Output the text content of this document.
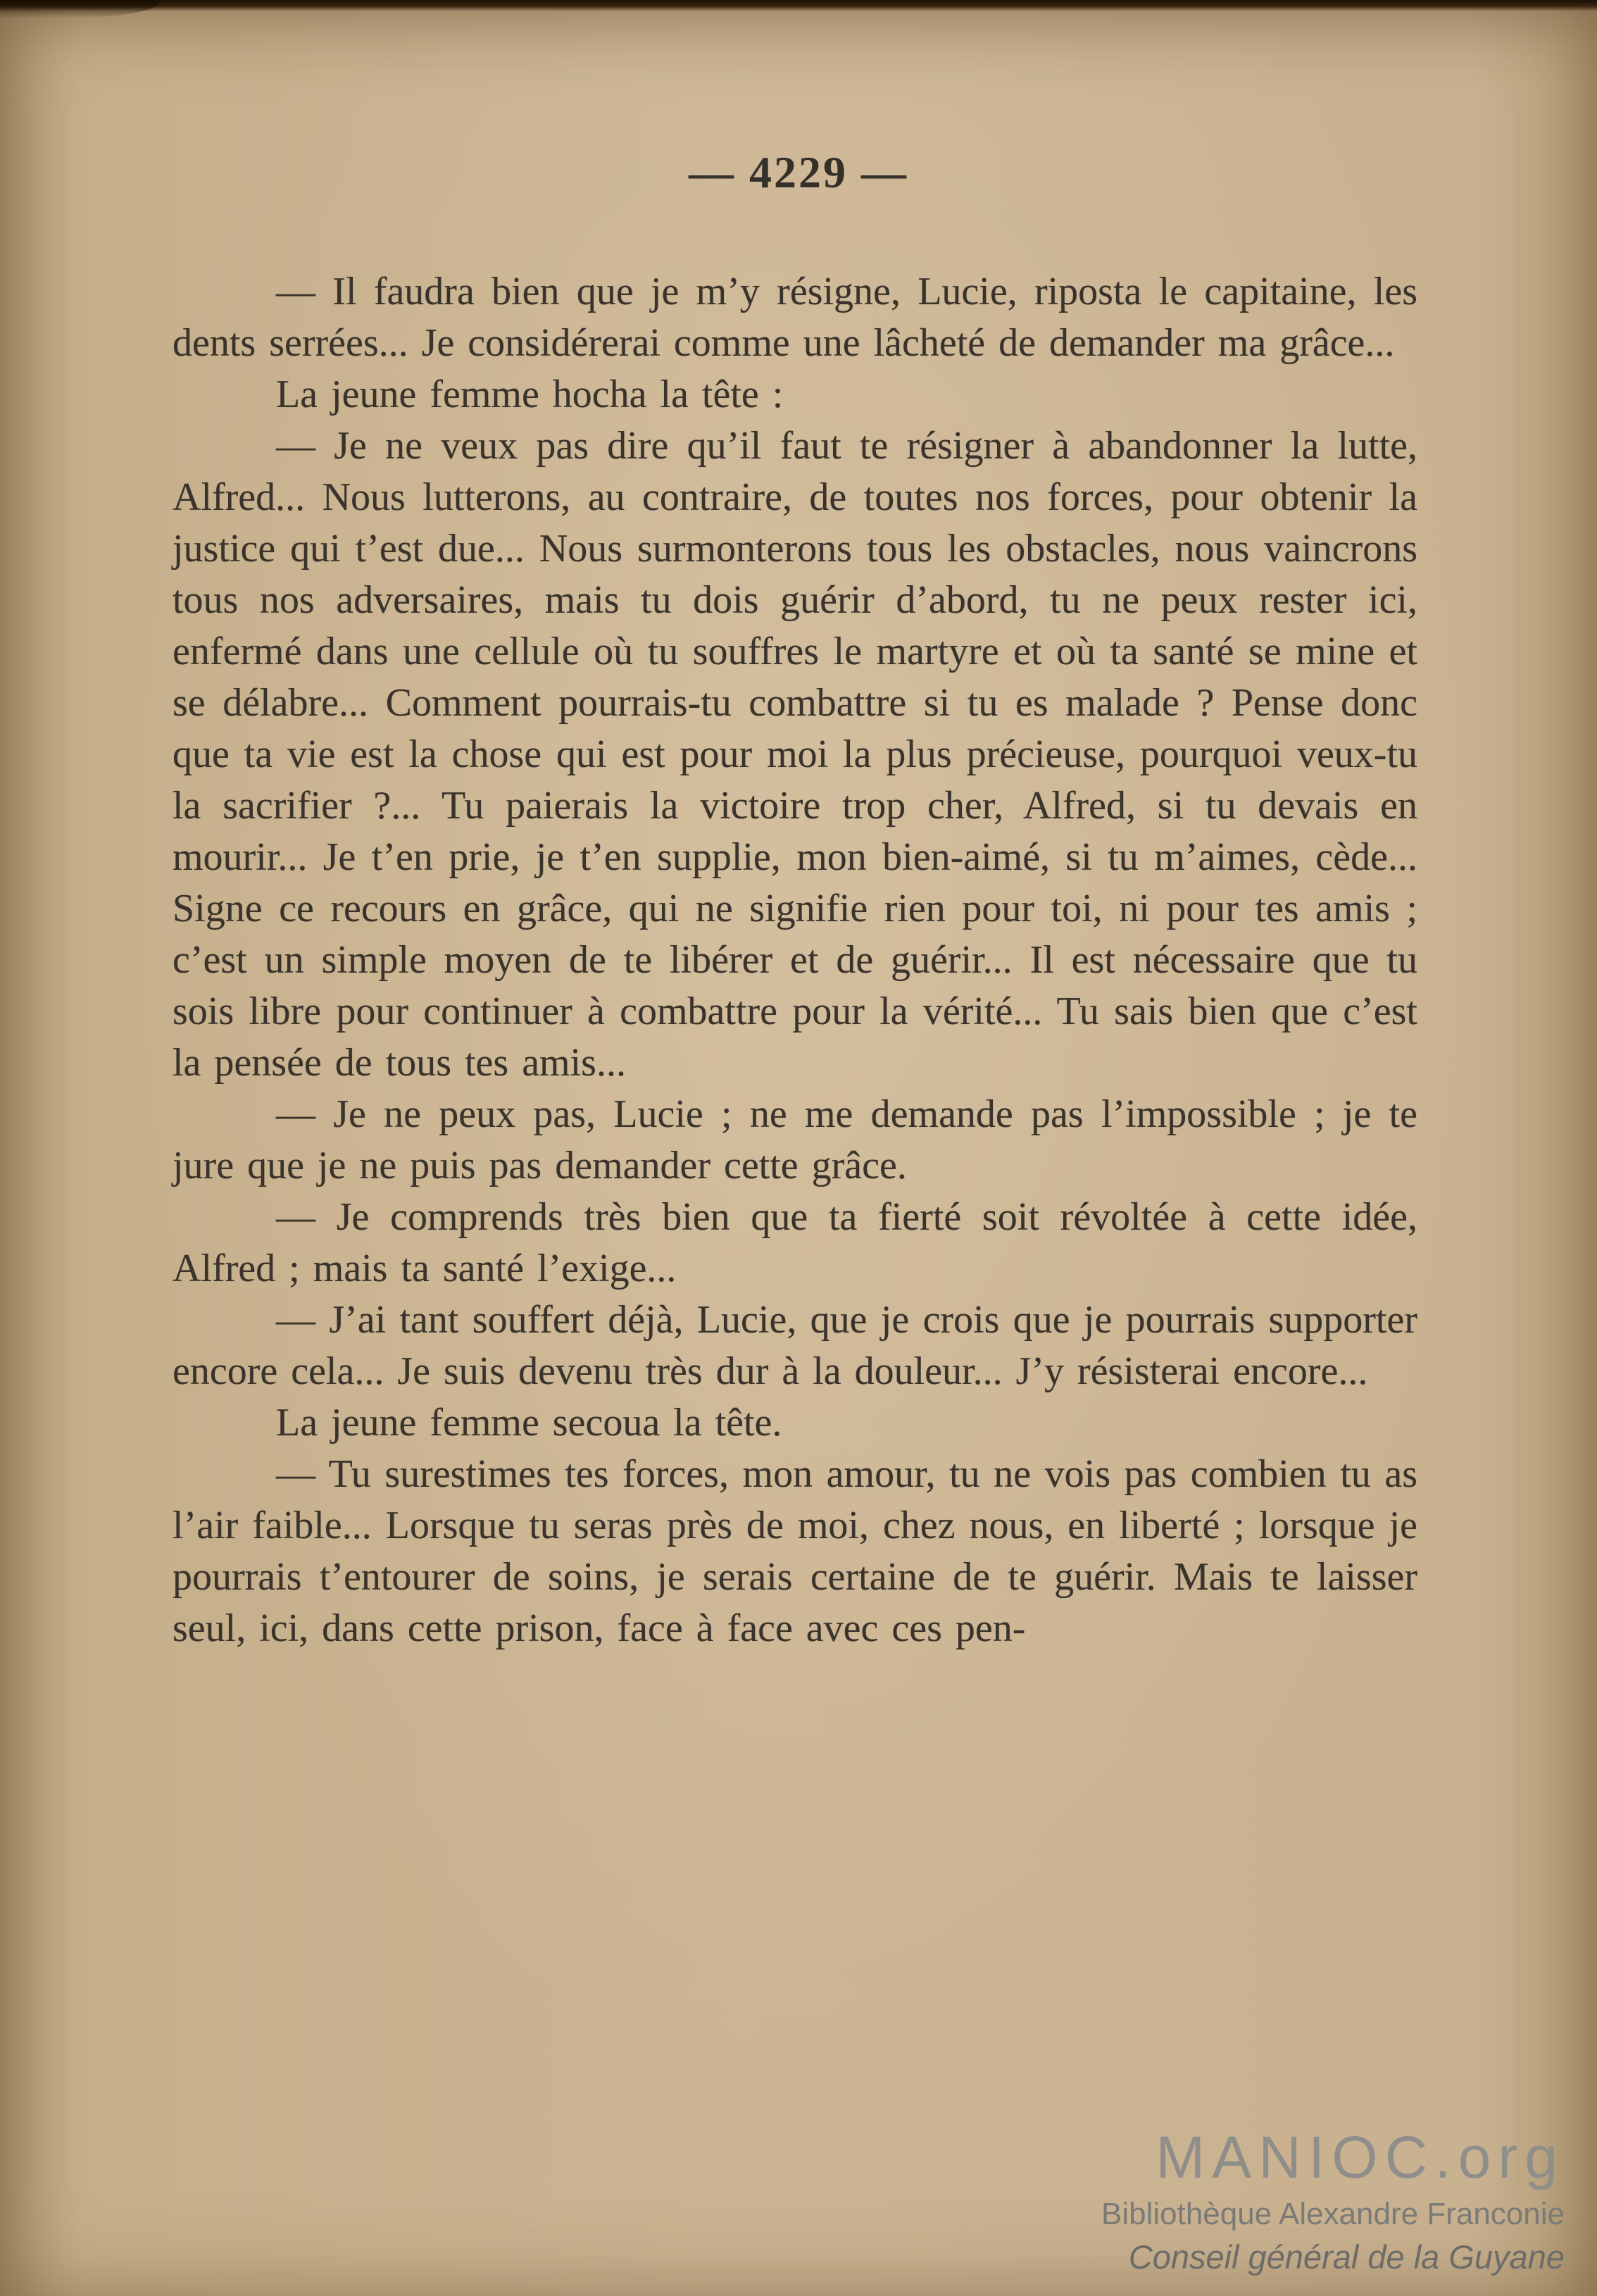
— 4229 —

— Il faudra bien que je m’y résigne, Lucie, riposta le capitaine, les dents serrées... Je considérerai comme une lâcheté de demander ma grâce...

La jeune femme hocha la tête :

— Je ne veux pas dire qu’il faut te résigner à abandonner la lutte, Alfred... Nous lutterons, au contraire, de toutes nos forces, pour obtenir la justice qui t’est due... Nous surmonterons tous les obstacles, nous vaincrons tous nos adversaires, mais tu dois guérir d’abord, tu ne peux rester ici, enfermé dans une cellule où tu souffres le martyre et où ta santé se mine et se délabre... Comment pourrais-tu combattre si tu es malade ? Pense donc que ta vie est la chose qui est pour moi la plus précieuse, pourquoi veux-tu la sacrifier ?... Tu paierais la victoire trop cher, Alfred, si tu devais en mourir... Je t’en prie, je t’en supplie, mon bien-aimé, si tu m’aimes, cède... Signe ce recours en grâce, qui ne signifie rien pour toi, ni pour tes amis ; c’est un simple moyen de te libérer et de guérir... Il est nécessaire que tu sois libre pour continuer à combattre pour la vérité... Tu sais bien que c’est la pensée de tous tes amis...

— Je ne peux pas, Lucie ; ne me demande pas l’impossible ; je te jure que je ne puis pas demander cette grâce.

— Je comprends très bien que ta fierté soit révoltée à cette idée, Alfred ; mais ta santé l’exige...

— J’ai tant souffert déjà, Lucie, que je crois que je pourrais supporter encore cela... Je suis devenu très dur à la douleur... J’y résisterai encore...

La jeune femme secoua la tête.

— Tu surestimes tes forces, mon amour, tu ne vois pas combien tu as l’air faible... Lorsque tu seras près de moi, chez nous, en liberté ; lorsque je pourrais t’entourer de soins, je serais certaine de te guérir. Mais te laisser seul, ici, dans cette prison, face à face avec ces pen-

MANIOC.org
Bibliothèque Alexandre Franconie
Conseil général de la Guyane
